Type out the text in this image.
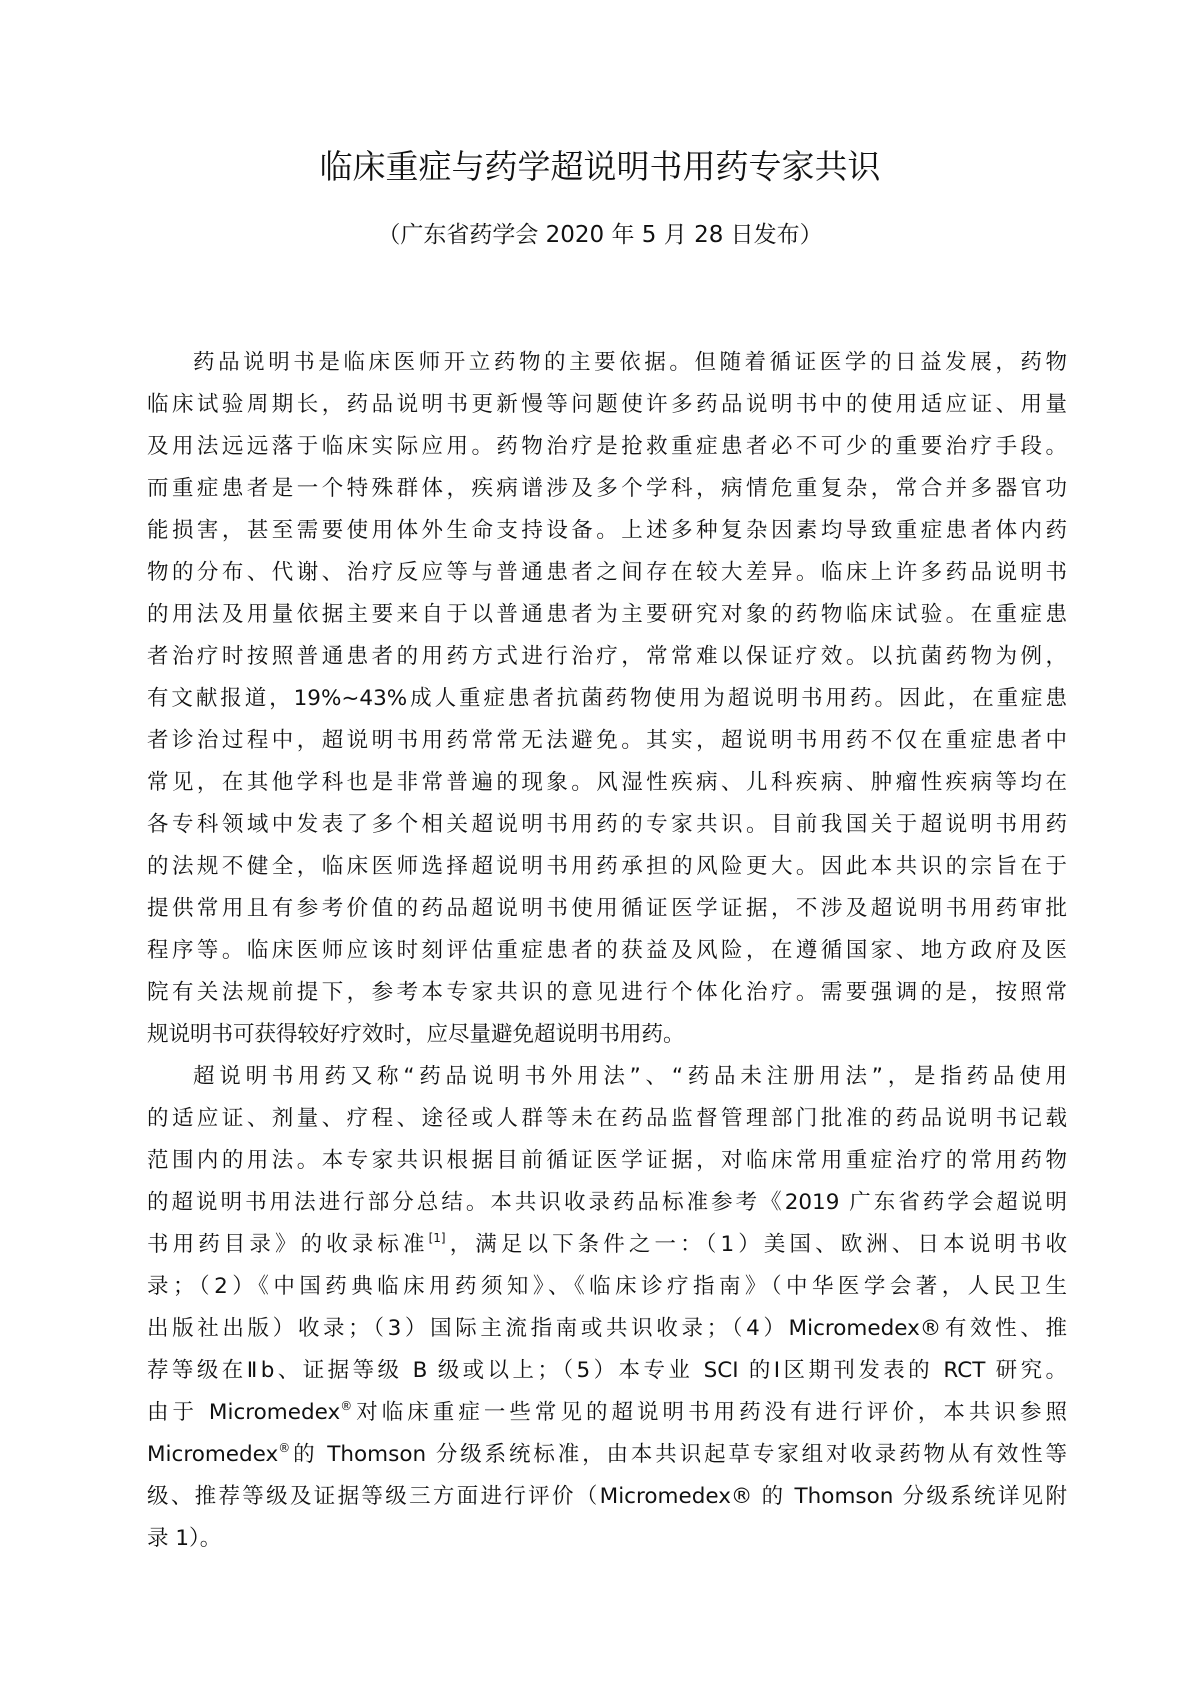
临床重症与药学超说明书用药专家共识
（广东省药学会 2020 年 5 月 28 日发布）
药品说明书是临床医师开立药物的主要依据。但随着循证医学的日益发展，药物
临床试验周期长，药品说明书更新慢等问题使许多药品说明书中的使用适应证、用量
及用法远远落于临床实际应用。药物治疗是抢救重症患者必不可少的重要治疗手段。
而重症患者是一个特殊群体，疾病谱涉及多个学科，病情危重复杂，常合并多器官功
能损害，甚至需要使用体外生命支持设备。上述多种复杂因素均导致重症患者体内药
物的分布、代谢、治疗反应等与普通患者之间存在较大差异。临床上许多药品说明书
的用法及用量依据主要来自于以普通患者为主要研究对象的药物临床试验。在重症患
者治疗时按照普通患者的用药方式进行治疗，常常难以保证疗效。以抗菌药物为例，
有文献报道，19%~43%成人重症患者抗菌药物使用为超说明书用药。因此，在重症患
者诊治过程中，超说明书用药常常无法避免。其实，超说明书用药不仅在重症患者中
常见，在其他学科也是非常普遍的现象。风湿性疾病、儿科疾病、肿瘤性疾病等均在
各专科领域中发表了多个相关超说明书用药的专家共识。目前我国关于超说明书用药
的法规不健全，临床医师选择超说明书用药承担的风险更大。因此本共识的宗旨在于
提供常用且有参考价值的药品超说明书使用循证医学证据，不涉及超说明书用药审批
程序等。临床医师应该时刻评估重症患者的获益及风险，在遵循国家、地方政府及医
院有关法规前提下，参考本专家共识的意见进行个体化治疗。需要强调的是，按照常
规说明书可获得较好疗效时，应尽量避免超说明书用药。
超说明书用药又称“药品说明书外用法”、“药品未注册用法”，是指药品使用
的适应证、剂量、疗程、途径或人群等未在药品监督管理部门批准的药品说明书记载
范围内的用法。本专家共识根据目前循证医学证据，对临床常用重症治疗的常用药物
的超说明书用法进行部分总结。本共识收录药品标准参考《2019 广东省药学会超说明
书用药目录》的收录标准[1]，满足以下条件之一：（1）美国、欧洲、日本说明书收
录；（2）《中国药典临床用药须知》、《临床诊疗指南》（中华医学会著，人民卫生
出版社出版）收录；（3）国际主流指南或共识收录；（4）Micromedex®有效性、推
荐等级在Ⅱb、证据等级 B 级或以上；（5）本专业 SCI 的Ⅰ区期刊发表的 RCT 研究。
由于 Micromedex®对临床重症一些常见的超说明书用药没有进行评价，本共识参照
Micromedex®的 Thomson 分级系统标准，由本共识起草专家组对收录药物从有效性等
级、推荐等级及证据等级三方面进行评价（Micromedex® 的 Thomson 分级系统详见附
录 1）。
